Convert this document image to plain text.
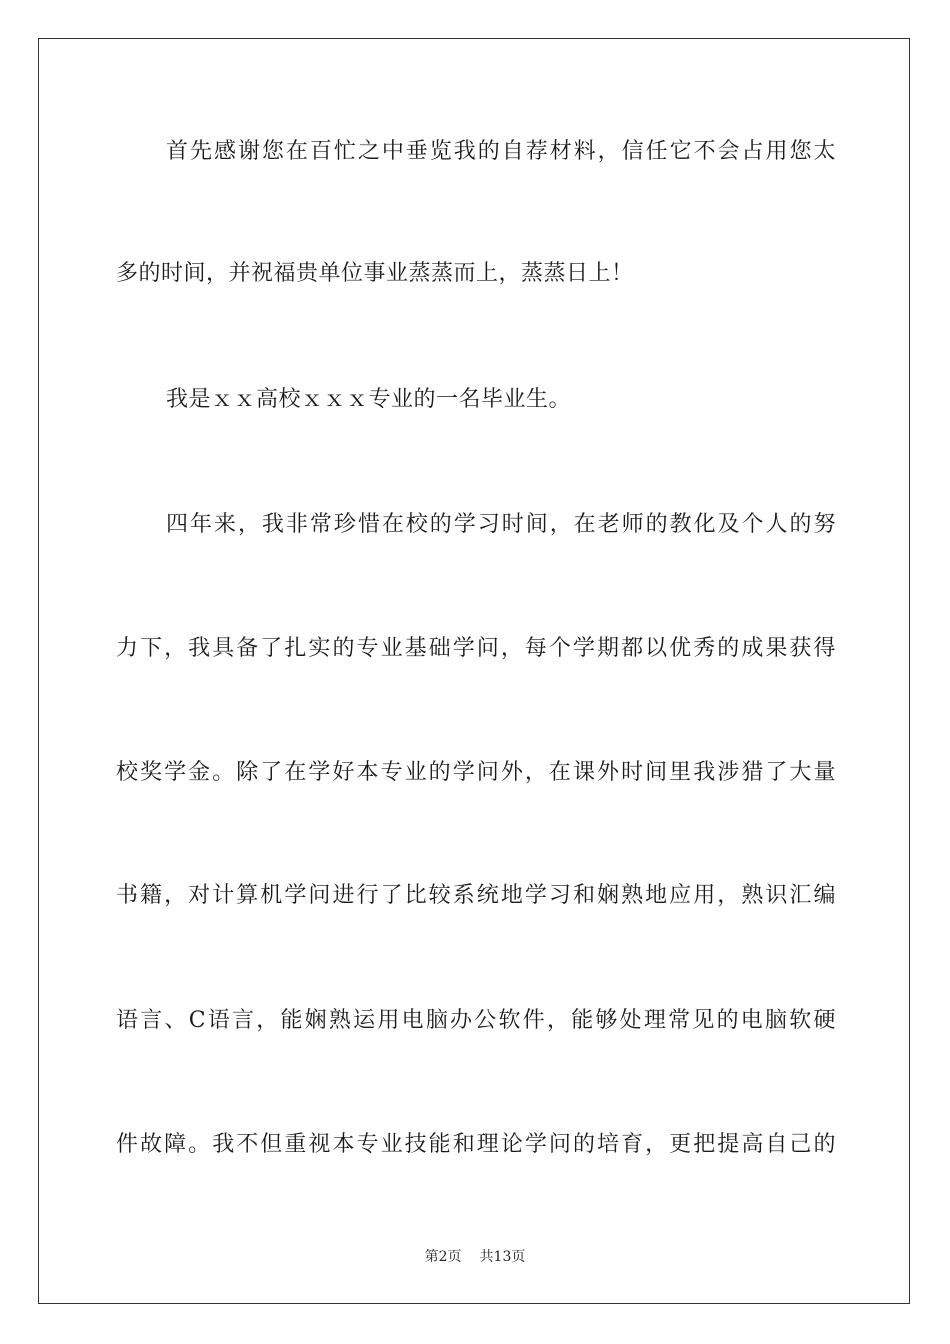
首先感谢您在百忙之中垂览我的自荐材料，信任它不会占用您太
多的时间，并祝福贵单位事业蒸蒸而上，蒸蒸日上！
我是ｘｘ高校ｘｘｘ专业的一名毕业生。
四年来，我非常珍惜在校的学习时间，在老师的教化及个人的努
力下，我具备了扎实的专业基础学问，每个学期都以优秀的成果获得
校奖学金。除了在学好本专业的学问外，在课外时间里我涉猎了大量
书籍，对计算机学问进行了比较系统地学习和娴熟地应用，熟识汇编
语言、C语言，能娴熟运用电脑办公软件，能够处理常见的电脑软硬
件故障。我不但重视本专业技能和理论学问的培育，更把提高自己的
第2页 共13页
